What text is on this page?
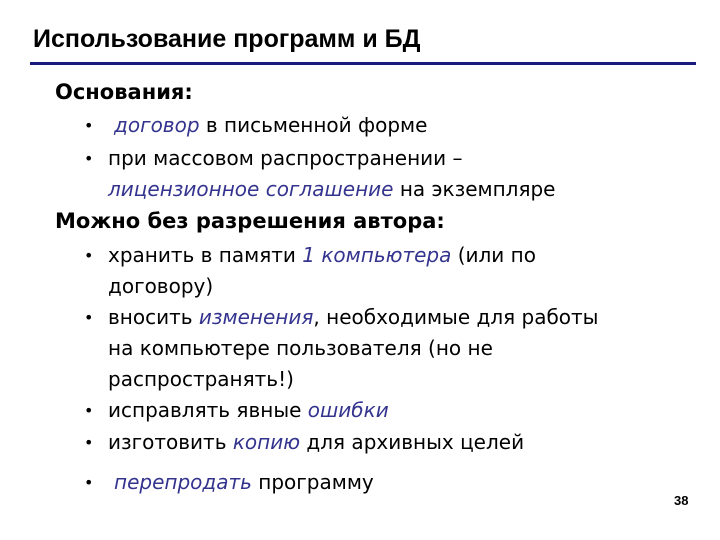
Использование программ и БД
Основания:
•	договор в письменной форме
• при массовом распространении –
лицензионное соглашение на экземпляре
Можно без разрешения автора:
• хранить в памяти 1 компьютера (или по
договору)
• вносить изменения, необходимые для работы
на компьютере пользователя (но не
распространять!)
• исправлять явные ошибки
• изготовить копию для архивных целей
•	перепродать программу
38
